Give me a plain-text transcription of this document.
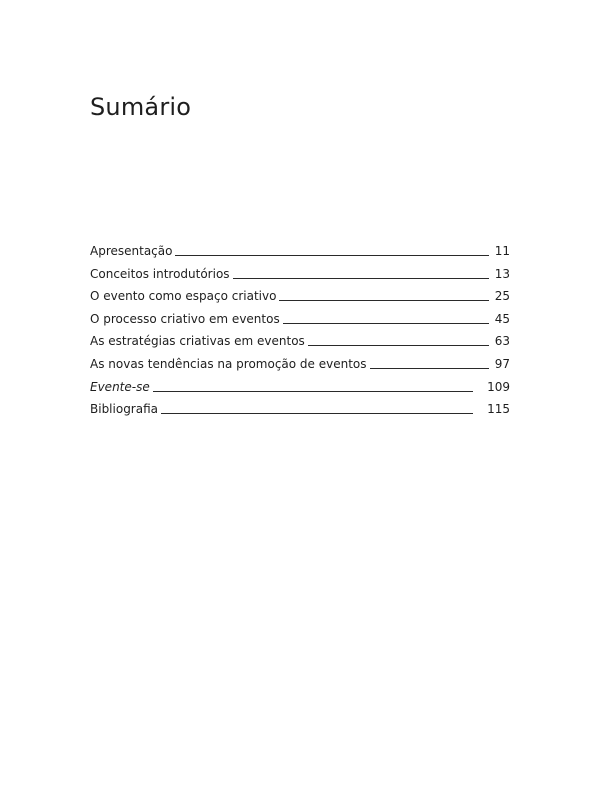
Sumário
Apresentação	11
Conceitos introdutórios	13
O evento como espaço criativo	25
O processo criativo em eventos	45
As estratégias criativas em eventos	63
As novas tendências na promoção de eventos	97
Evente-se	109
Bibliografia	115
